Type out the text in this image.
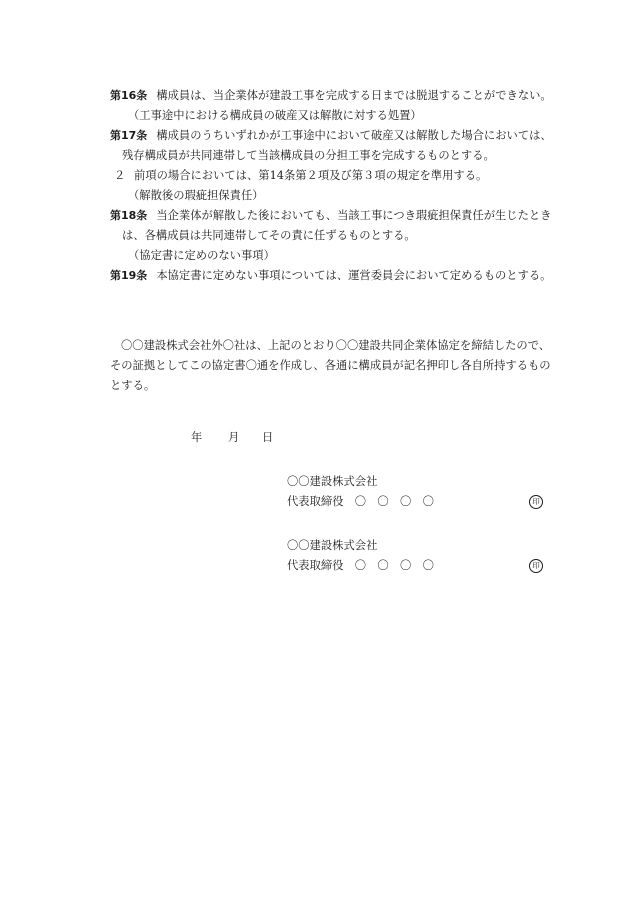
第16条 構成員は、当企業体が建設工事を完成する日までは脱退することができない。
（工事途中における構成員の破産又は解散に対する処置）
第17条 構成員のうちいずれかが工事途中において破産又は解散した場合においては、
残存構成員が共同連帯して当該構成員の分担工事を完成するものとする。
２ 前項の場合においては、第14条第２項及び第３項の規定を準用する。
（解散後の瑕疵担保責任）
第18条 当企業体が解散した後においても、当該工事につき瑕疵担保責任が生じたとき
は、各構成員は共同連帯してその責に任ずるものとする。
（協定書に定めのない事項）
第19条 本協定書に定めない事項については、運営委員会において定めるものとする。
〇〇建設株式会社外〇社は、上記のとおり〇〇建設共同企業体協定を締結したので、
その証拠としてこの協定書〇通を作成し、各通に構成員が記名押印し各自所持するもの
とする。
年 月 日
〇〇建設株式会社
代表取締役　〇　〇　〇　〇	印
〇〇建設株式会社
代表取締役　〇　〇　〇　〇	印
